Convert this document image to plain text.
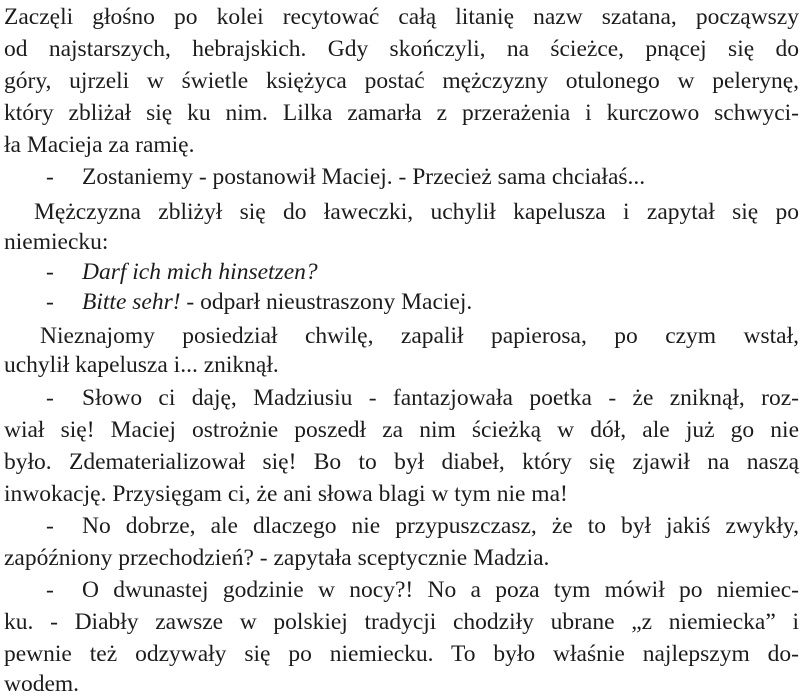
Zaczęli głośno po kolei recytować całą litanię nazw szatana, począwszy
od najstarszych, hebrajskich. Gdy skończyli, na ścieżce, pnącej się do
góry, ujrzeli w świetle księżyca postać mężczyzny otulonego w pelerynę,
który zbliżał się ku nim. Lilka zamarła z przerażenia i kurczowo schwyci-
ła Macieja za ramię.
- Zostaniemy - postanowił Maciej. - Przecież sama chciałaś...
Mężczyzna zbliżył się do ławeczki, uchylił kapelusza i zapytał się po
niemiecku:
- Darf ich mich hinsetzen?
- Bitte sehr! - odparł nieustraszony Maciej.
Nieznajomy posiedział chwilę, zapalił papierosa, po czym wstał,
uchylił kapelusza i... zniknął.
- Słowo ci daję, Madziusiu - fantazjowała poetka - że zniknął, roz-
wiał się! Maciej ostrożnie poszedł za nim ścieżką w dół, ale już go nie
było. Zdematerializował się! Bo to był diabeł, który się zjawił na naszą
inwokację. Przysięgam ci, że ani słowa blagi w tym nie ma!
- No dobrze, ale dlaczego nie przypuszczasz, że to był jakiś zwykły,
zapóźniony przechodzień? - zapytała sceptycznie Madzia.
- O dwunastej godzinie w nocy?! No a poza tym mówił po niemiec-
ku. - Diabły zawsze w polskiej tradycji chodziły ubrane „z niemiecka” i
pewnie też odzywały się po niemiecku. To było właśnie najlepszym do-
wodem.
